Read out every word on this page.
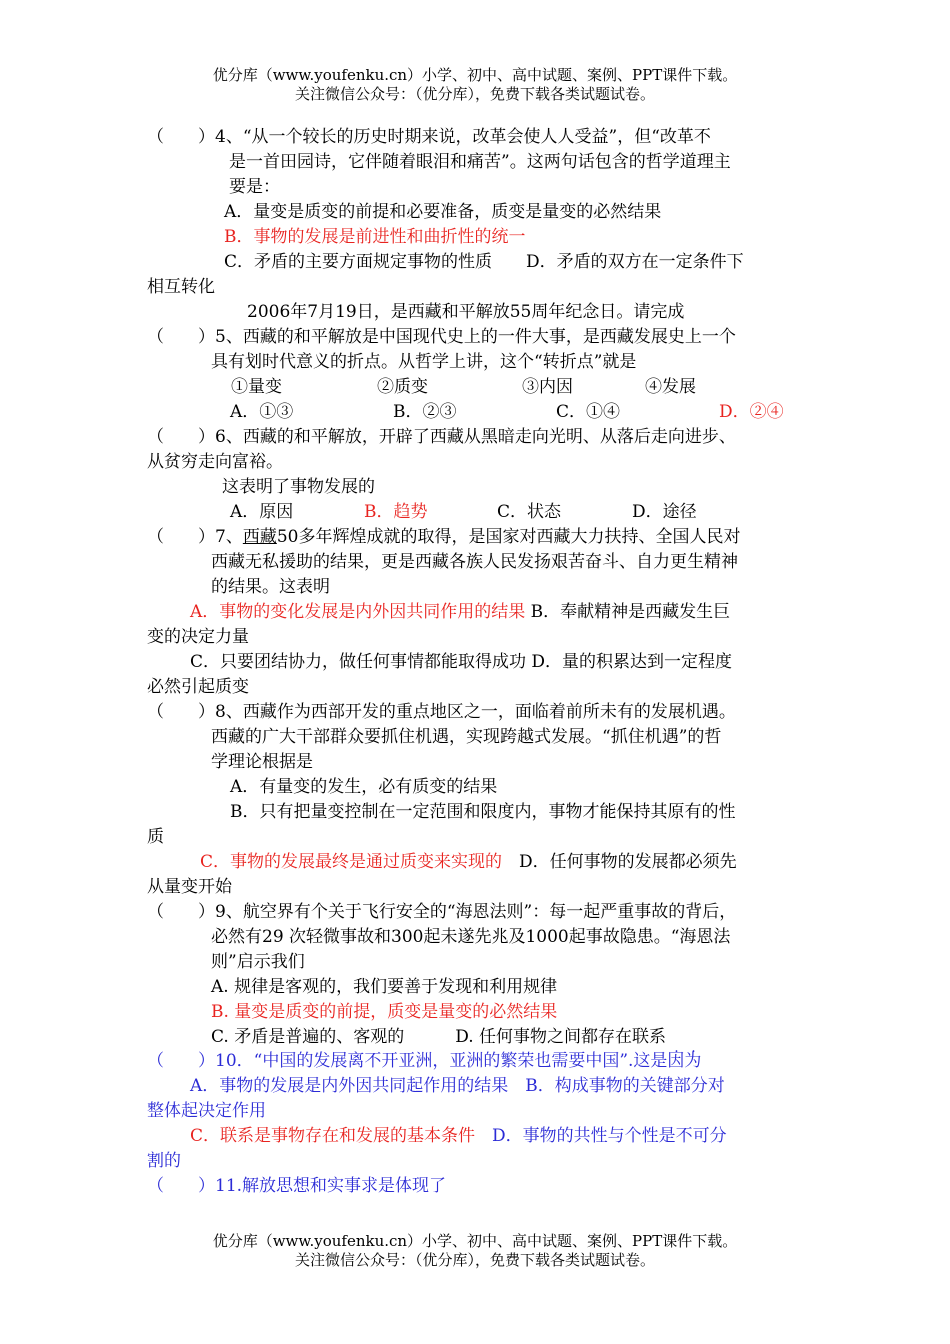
优分库（www.youfenku.cn）小学、初中、高中试题、案例、PPT课件下载。
关注微信公众号：（优分库），免费下载各类试题试卷。
（　　）4、“从一个较长的历史时期来说，改革会使人人受益”，但“改革不
是一首田园诗，它伴随着眼泪和痛苦”。这两句话包含的哲学道理主
要是：
A．量变是质变的前提和必要准备，质变是量变的必然结果
B．事物的发展是前进性和曲折性的统一
C．矛盾的主要方面规定事物的性质　　D．矛盾的双方在一定条件下
相互转化
2006年7月19日，是西藏和平解放55周年纪念日。请完成
（　　）5、西藏的和平解放是中国现代史上的一件大事，是西藏发展史上一个
具有划时代意义的折点。从哲学上讲，这个“转折点”就是
①量变	②质变	③内因	④发展
A．①③	B．②③	C．①④	D．②④
（　　）6、西藏的和平解放，开辟了西藏从黑暗走向光明、从落后走向进步、
从贫穷走向富裕。
这表明了事物发展的
A．原因	B．趋势	C．状态	D．途径
（　　）7、西藏50多年辉煌成就的取得，是国家对西藏大力扶持、全国人民对
西藏无私援助的结果，更是西藏各族人民发扬艰苦奋斗、自力更生精神
的结果。这表明
A．事物的变化发展是内外因共同作用的结果 B．奉献精神是西藏发生巨
变的决定力量
C．只要团结协力，做任何事情都能取得成功 D．量的积累达到一定程度
必然引起质变
（　　）8、西藏作为西部开发的重点地区之一，面临着前所未有的发展机遇。
西藏的广大干部群众要抓住机遇，实现跨越式发展。“抓住机遇”的哲
学理论根据是
A．有量变的发生，必有质变的结果
B．只有把量变控制在一定范围和限度内，事物才能保持其原有的性
质
C．事物的发展最终是通过质变来实现的　D．任何事物的发展都必须先
从量变开始
（　　）9、航空界有个关于飞行安全的“海恩法则”：每一起严重事故的背后，
必然有29 次轻微事故和300起未遂先兆及1000起事故隐患。“海恩法
则”启示我们
A. 规律是客观的，我们要善于发现和利用规律
B. 量变是质变的前提，质变是量变的必然结果
C. 矛盾是普遍的、客观的　　　D. 任何事物之间都存在联系
（　　）10．“中国的发展离不开亚洲，亚洲的繁荣也需要中国”.这是因为
A．事物的发展是内外因共同起作用的结果　B．构成事物的关键部分对
整体起决定作用
C．联系是事物存在和发展的基本条件　D．事物的共性与个性是不可分
割的
（　　）11.解放思想和实事求是体现了
优分库（www.youfenku.cn）小学、初中、高中试题、案例、PPT课件下载。
关注微信公众号：（优分库），免费下载各类试题试卷。
